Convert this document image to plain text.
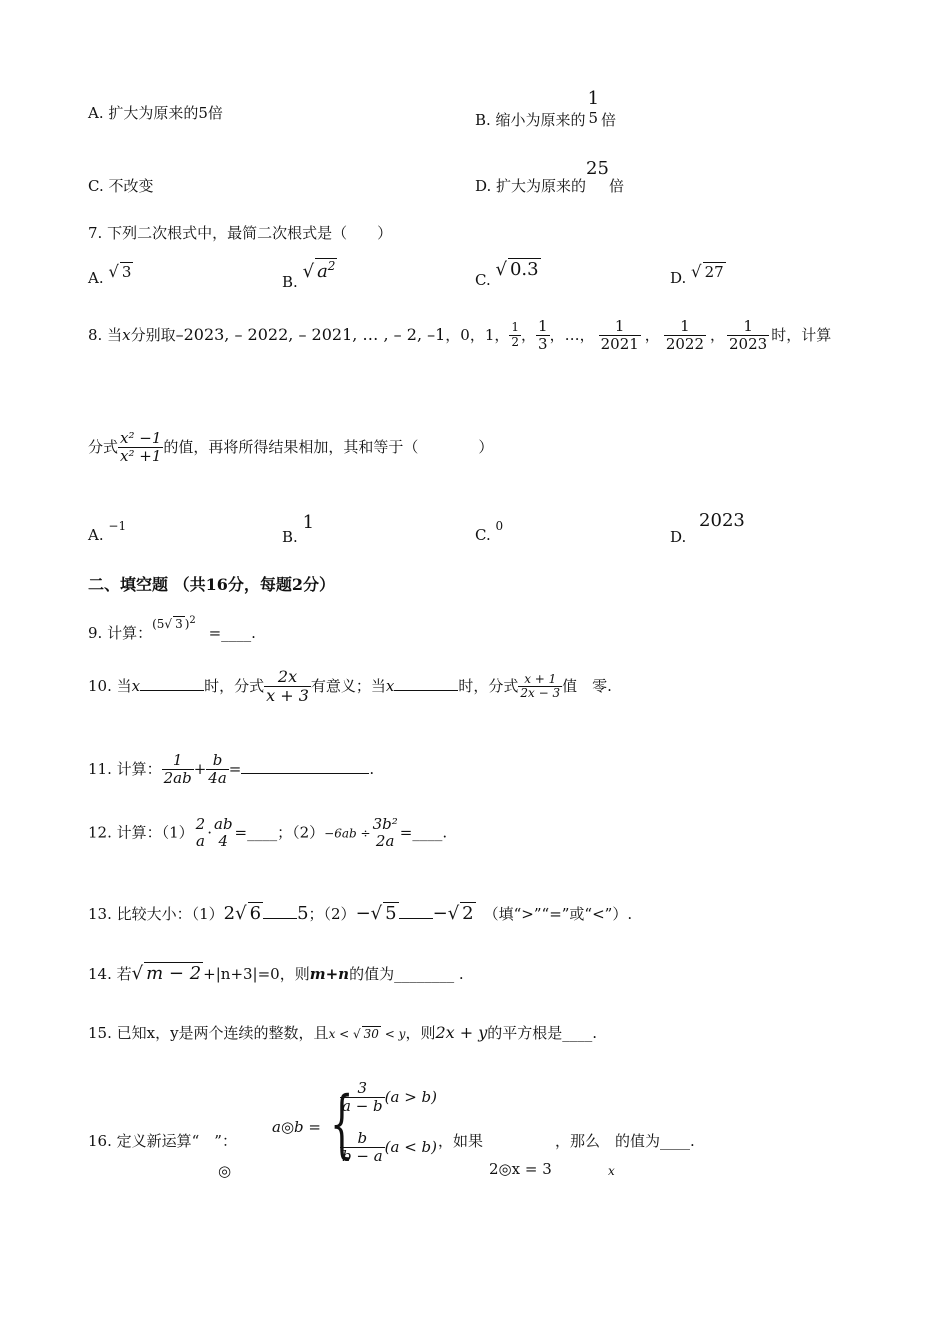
A. 扩大为原来的5倍	B. 缩小为原来的
1
5 倍
C. 不改变	D. 扩大为原来的25倍
7. 下列二次根式中，最简二次根式是（　　）
A. √ 3
B. √ $a^2$
C. √ 0.3	D. √ 27
8. 当x分别取–2023, – 2022, – 2021, … , – 2, –1，0，1， $\frac{1}{2}$ ， $\frac{1}{3}$ ，…， $\frac{1}{2021}$ ， $\frac{1}{2022}$ ， $\frac{1}{2023}$ 时，计算
分式 $\frac{\text{x² −1}}{\text{x² +1}}$ 的值，再将所得结果相加，其和等于（　　　　）
A. −1
B. 1
C. 0
D. 2023
二、填空题 （共16分，每题2分）
9. 计算：(5√ 3 )$^2$ =____.
10. 当x	时，分式 $\frac{2x}{x + 3}$ 有意义；当x	时，分式 $\frac{x + 1}{2x - 3}$ 值　零.
11. 计算： $\frac{1}{2ab} + \frac{b}{4a}$ =	.
12. 计算：（1） 2
a · ab
4 =____；（2）−6ab ÷
3b²
2a =____.
13. 比较大小：（1）2√ 6 5；（2）−√ 5 −√ 2 （填“>”“=”或“<”）.
14. 若√ m − 2 +|n+3|=0，则m+n的值为________ .
15. 已知x，y是两个连续的整数，且x < √ 30 < y，则2x + y的平方根是____.
16. 定义新运算“　”：
◎
a◎b = {
$\frac{3}{a - b} (a > b)$
$\frac{b}{b - a} (a < b)$ ，如果
2◎x = 3
，那么　的值为____.
x
